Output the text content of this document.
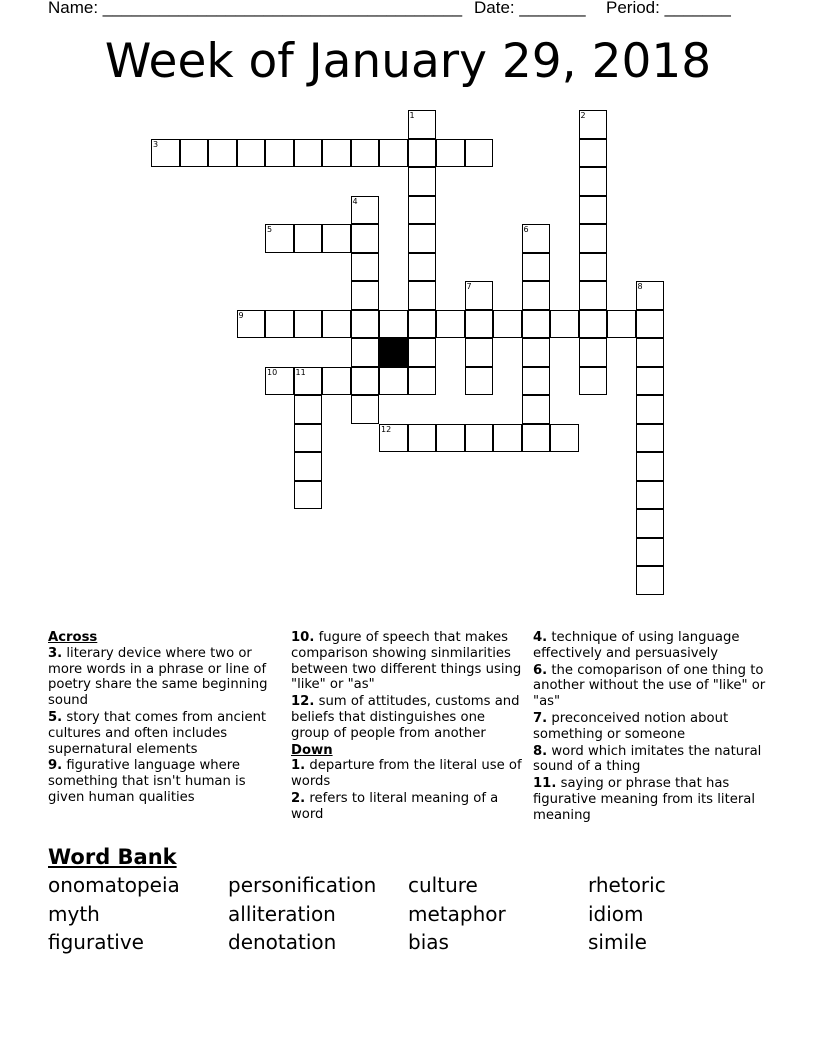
Name: ______________________________________ Date: _______ Period: _______
Week of January 29, 2018
1	2
3
4
5	6
7	8
9
10 11
12
Across
3. literary device where two or more words in a phrase or line of poetry share the same beginning sound
5. story that comes from ancient cultures and often includes supernatural elements
9. figurative language where something that isn't human is given human qualities
10. fugure of speech that makes comparison showing sinmilarities between two different things using "like" or "as"
12. sum of attitudes, customs and beliefs that distinguishes one group of people from another
Down
1. departure from the literal use of words
2. refers to literal meaning of a word
4. technique of using language effectively and persuasively
6. the comoparison of one thing to another without the use of "like" or "as"
7. preconceived notion about something or someone
8. word which imitates the natural sound of a thing
11. saying or phrase that has figurative meaning from its literal meaning
Word Bank
onomatopeia personification culture	rhetoric
myth	alliteration	metaphor	idiom
figurative	denotation	bias	simile
